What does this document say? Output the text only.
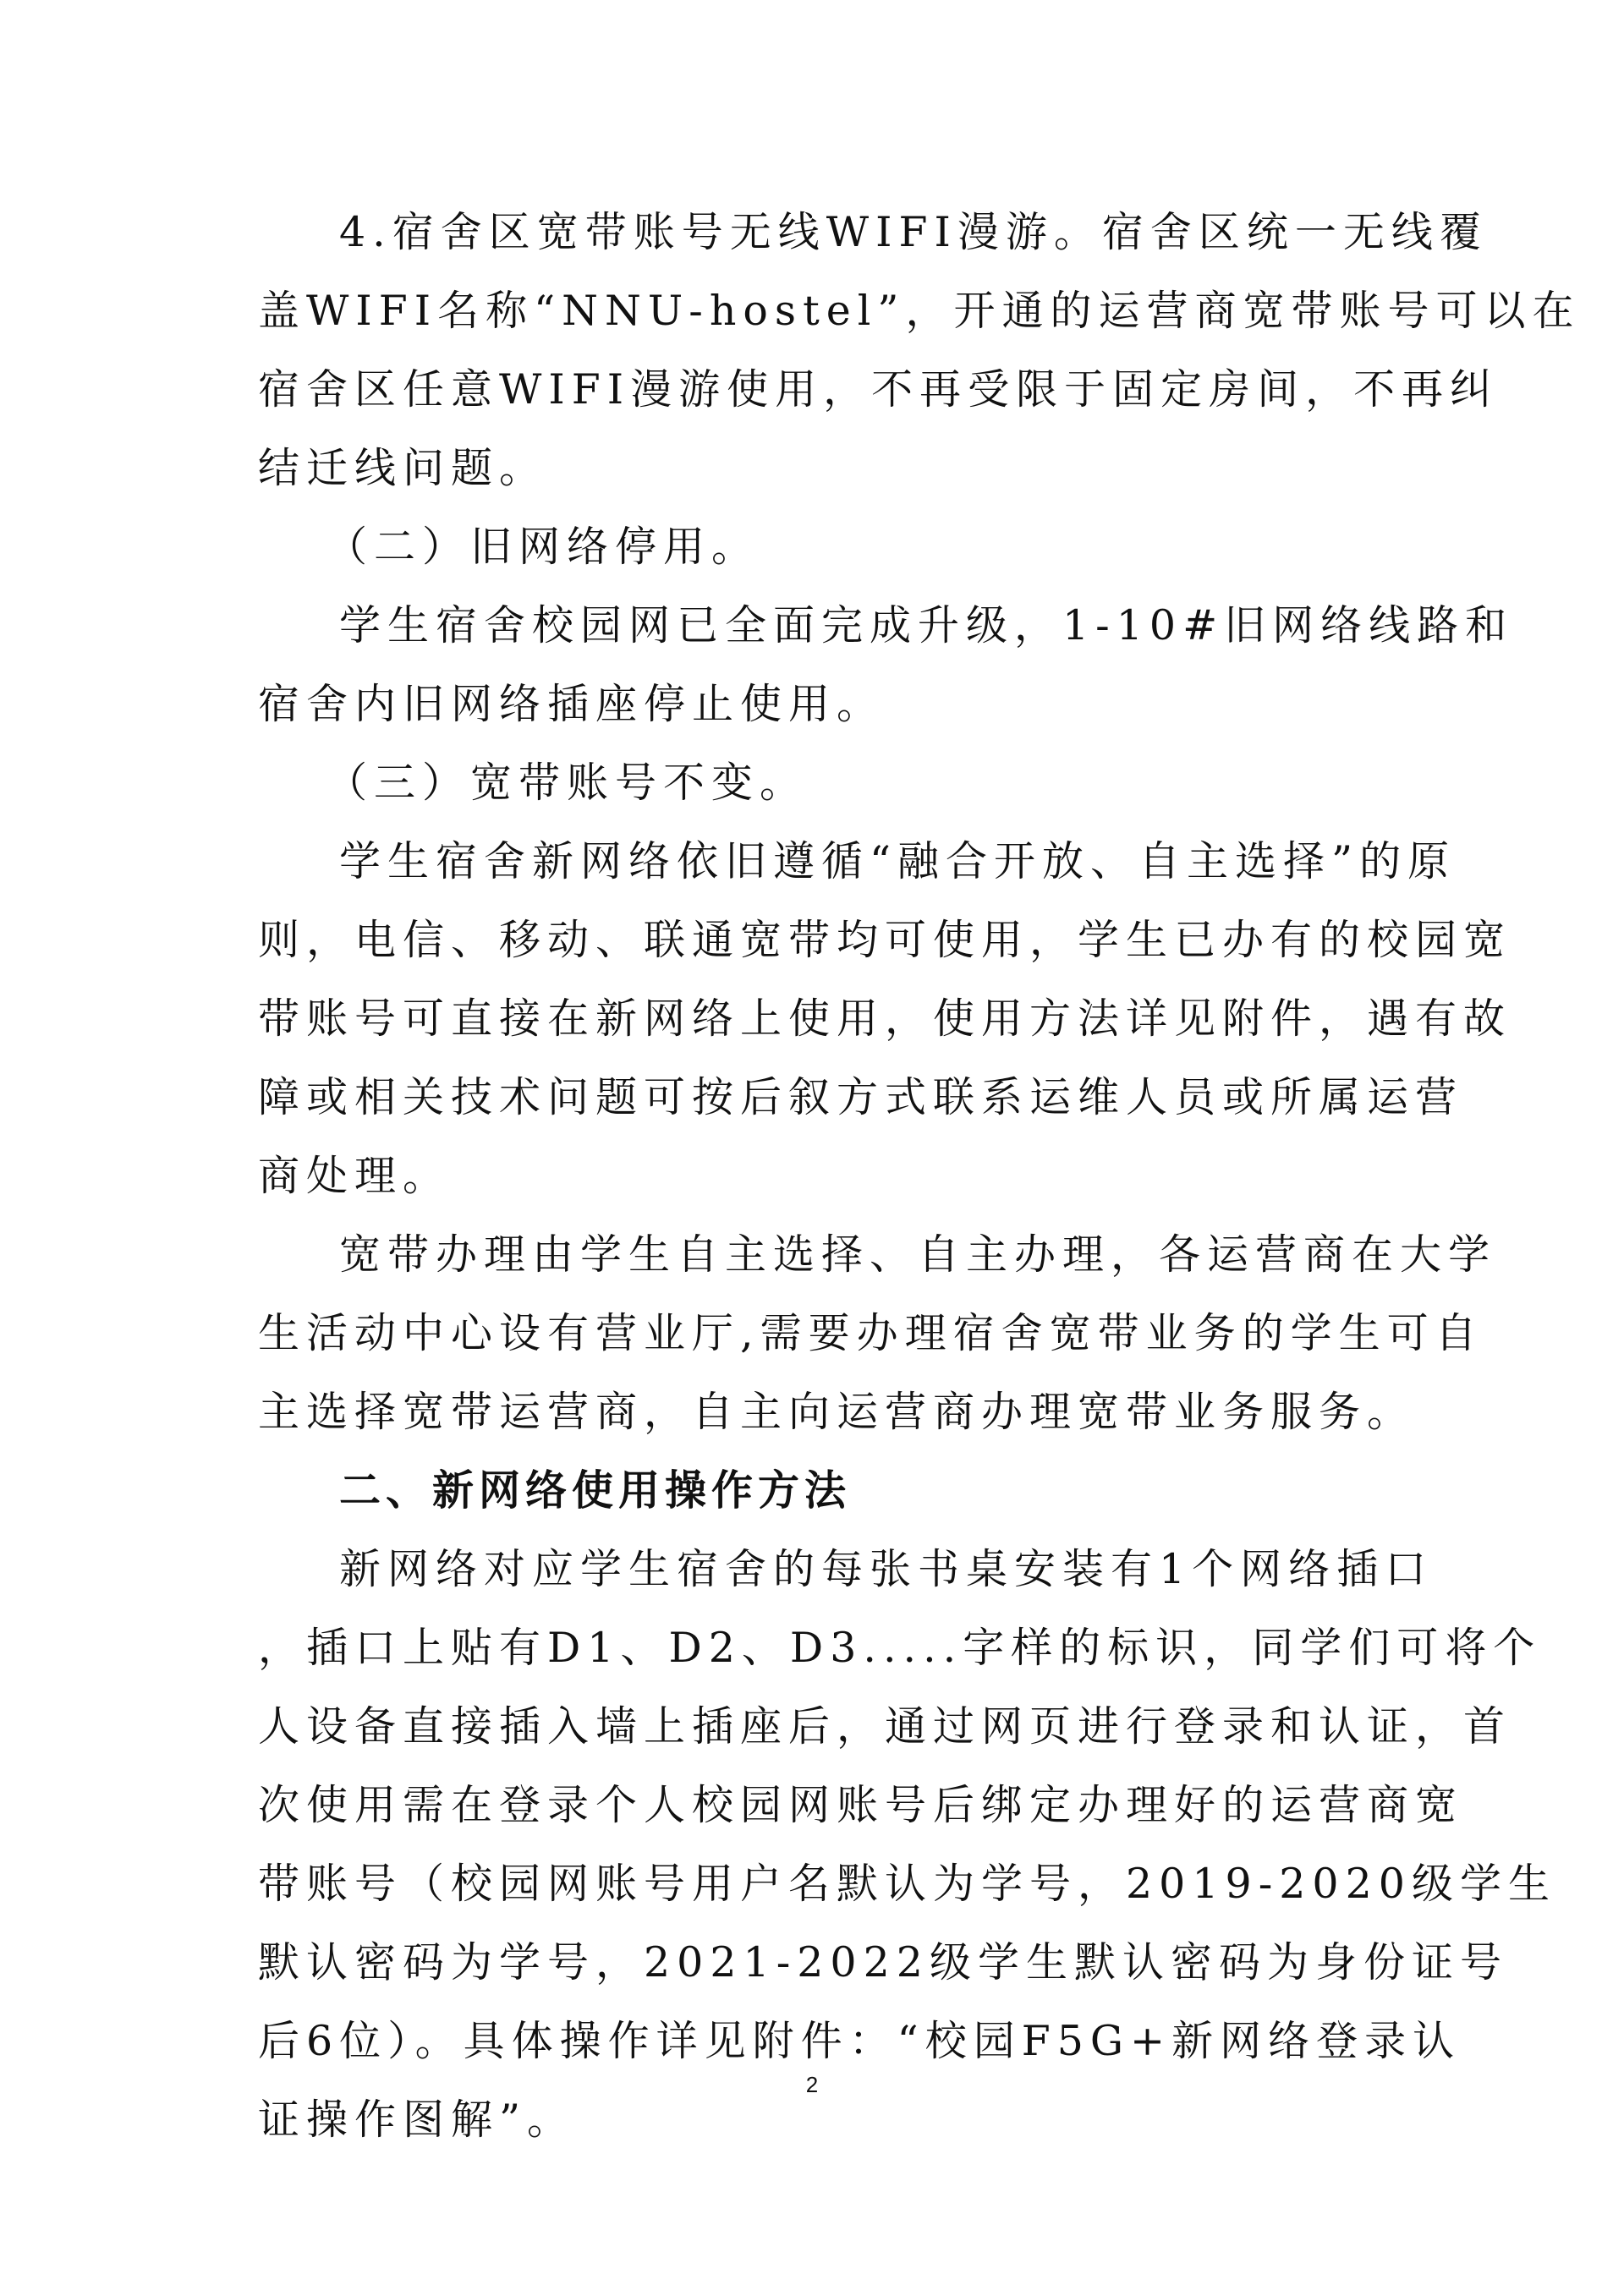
4.宿舍区宽带账号无线WIFI漫游。宿舍区统一无线覆
盖WIFI名称“NNU-hostel”，开通的运营商宽带账号可以在
宿舍区任意WIFI漫游使用，不再受限于固定房间，不再纠
结迁线问题。
（二）旧网络停用。
学生宿舍校园网已全面完成升级，1-10#旧网络线路和
宿舍内旧网络插座停止使用。
（三）宽带账号不变。
学生宿舍新网络依旧遵循“融合开放、自主选择”的原
则，电信、移动、联通宽带均可使用，学生已办有的校园宽
带账号可直接在新网络上使用，使用方法详见附件，遇有故
障或相关技术问题可按后叙方式联系运维人员或所属运营
商处理。
宽带办理由学生自主选择、自主办理，各运营商在大学
生活动中心设有营业厅,需要办理宿舍宽带业务的学生可自
主选择宽带运营商，自主向运营商办理宽带业务服务。
二、新网络使用操作方法
新网络对应学生宿舍的每张书桌安装有1个网络插口
，插口上贴有D1、D2、D3.....字样的标识，同学们可将个
人设备直接插入墙上插座后，通过网页进行登录和认证，首
次使用需在登录个人校园网账号后绑定办理好的运营商宽
带账号（校园网账号用户名默认为学号，2019-2020级学生
默认密码为学号，2021-2022级学生默认密码为身份证号
后6位）。具体操作详见附件：“校园F5G+新网络登录认
证操作图解”。
2
